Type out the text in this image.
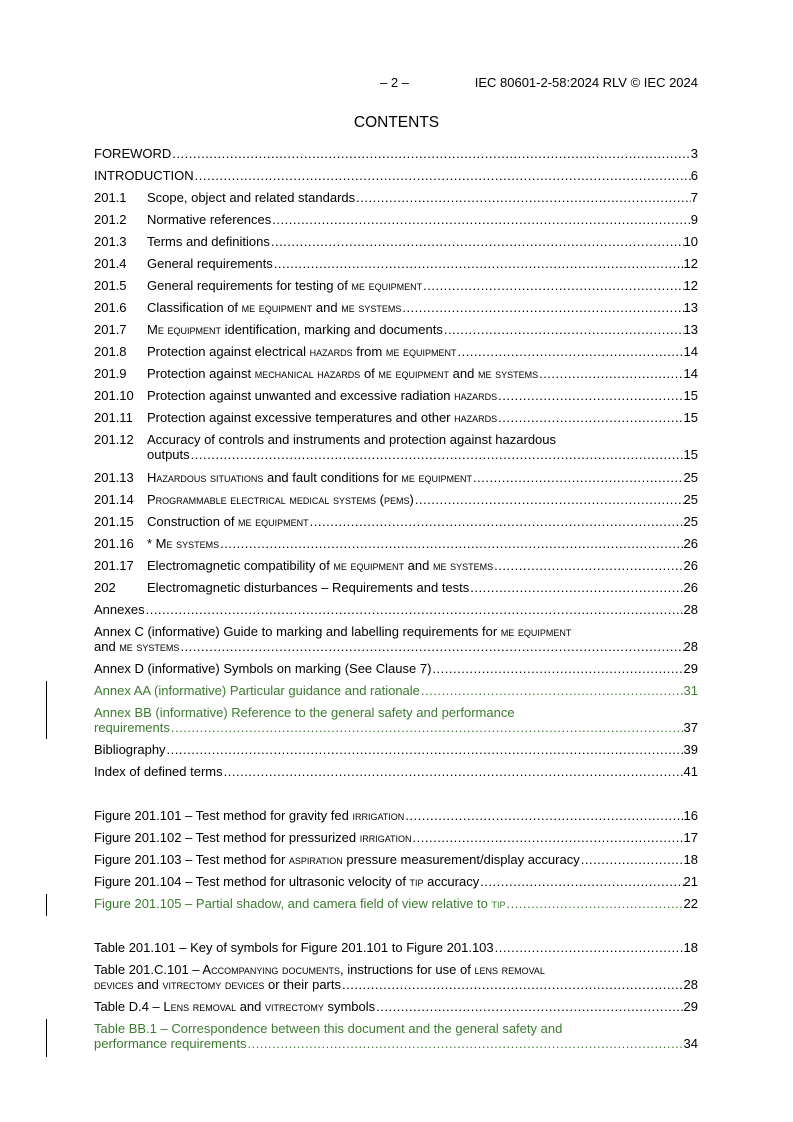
– 2 –	IEC 80601-2-58:2024 RLV © IEC 2024
CONTENTS
FOREWORD .....	3
INTRODUCTION .....	6
201.1	Scope, object and related standards .....	7
201.2	Normative references .....	9
201.3	Terms and definitions .....	10
201.4	General requirements .....	12
201.5	General requirements for testing of me equipment .....	12
201.6	Classification of me equipment and me systems .....	13
201.7	Me equipment identification, marking and documents .....	13
201.8	Protection against electrical hazards from me equipment .....	14
201.9	Protection against mechanical hazards of me equipment and me systems .....	14
201.10	Protection against unwanted and excessive radiation hazards .....	15
201.11	Protection against excessive temperatures and other hazards .....	15
201.12 Accuracy of controls and instruments and protection against hazardous
outputs .....	15
201.13	Hazardous situations and fault conditions for me equipment .....	25
201.14	Programmable electrical medical systems (pems) .....	25
201.15	Construction of me equipment .....	25
201.16	* Me systems .....	26
201.17	Electromagnetic compatibility of me equipment and me systems .....	26
202	Electromagnetic disturbances – Requirements and tests .....	26
Annexes .....	28
Annex C (informative) Guide to marking and labelling requirements for me equipment
and me systems .....	28
Annex D (informative) Symbols on marking (See Clause 7) .....	29
Annex AA (informative) Particular guidance and rationale .....	31
Annex BB (informative) Reference to the general safety and performance
requirements .....	37
Bibliography .....	39
Index of defined terms .....	41
Figure 201.101 – Test method for gravity fed irrigation .....	16
Figure 201.102 – Test method for pressurized irrigation .....	17
Figure 201.103 – Test method for aspiration pressure measurement/display accuracy .....	18
Figure 201.104 – Test method for ultrasonic velocity of tip accuracy .....	21
Figure 201.105 – Partial shadow, and camera field of view relative to tip .....	22
Table 201.101 – Key of symbols for Figure 201.101 to Figure 201.103 .....	18
Table 201.C.101 – Accompanying documents, instructions for use of lens removal
devices and vitrectomy devices or their parts .....	28
Table D.4 – Lens removal and vitrectomy symbols .....	29
Table BB.1 – Correspondence between this document and the general safety and
performance requirements .....	34
